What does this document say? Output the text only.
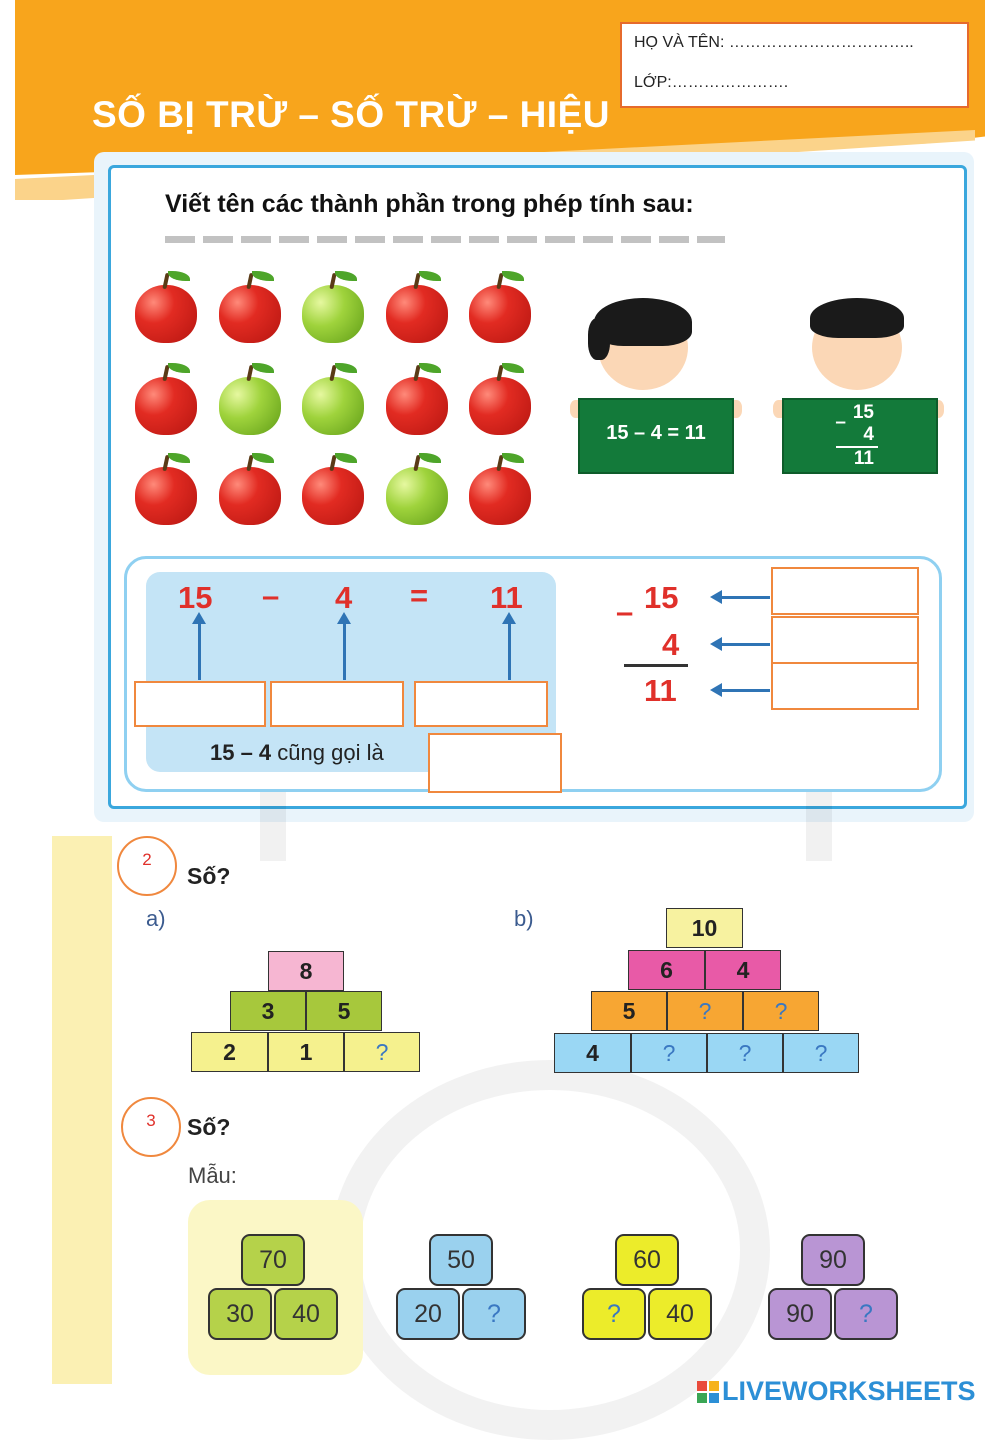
SỐ BỊ TRỪ – SỐ TRỪ – HIỆU
HỌ VÀ TÊN: ……………………………..
LỚP:………………….
Viết tên các thành phần trong phép tính sau:
15 – 4 = 11
15
–
4
11
15 – 4 = 11
15 – 4 cũng gọi là
– 15
4
11
2
Số?
a)	b)
8
3	5
2	1	?
10
6	4
5	?	?
4	?	?	?
3	Số?
Mẫu:
70
30	40
50
20	?
60
?	40
90
90	?
LIVEWORKSHEETS
